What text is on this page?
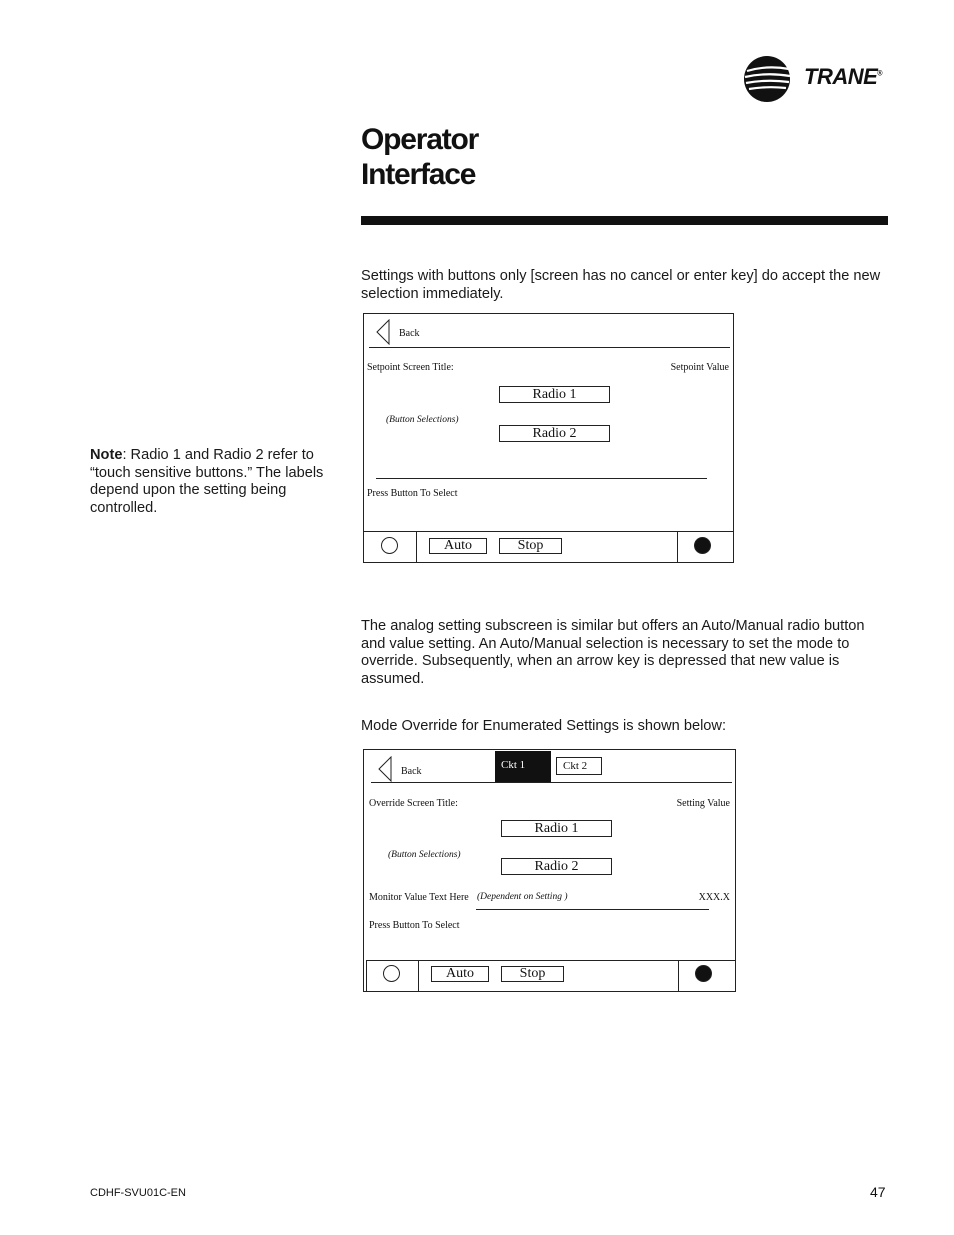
TRANE®
Operator
Interface
Settings with buttons only [screen has no cancel or enter key] do accept the new selection immediately.
Note: Radio 1 and Radio 2 refer to “touch sensitive buttons.” The labels depend upon the setting being controlled.
Back
Setpoint Screen Title:	Setpoint Value
Radio 1
(Button Selections)
Radio 2
Press Button To Select
Auto	Stop
The analog setting subscreen is similar but offers an Auto/Manual radio button and value setting. An Auto/Manual selection is necessary to set the mode to override. Subsequently, when an arrow key is depressed that new value is assumed.
Mode Override for Enumerated Settings is shown below:
Back
Ckt 1	Ckt 2
Override Screen Title:	Setting Value
Radio 1
(Button Selections)
Radio 2
Monitor Value Text Here (Dependent on Setting )	XXX.X
Press Button To Select
Auto	Stop
CDHF-SVU01C-EN	47
